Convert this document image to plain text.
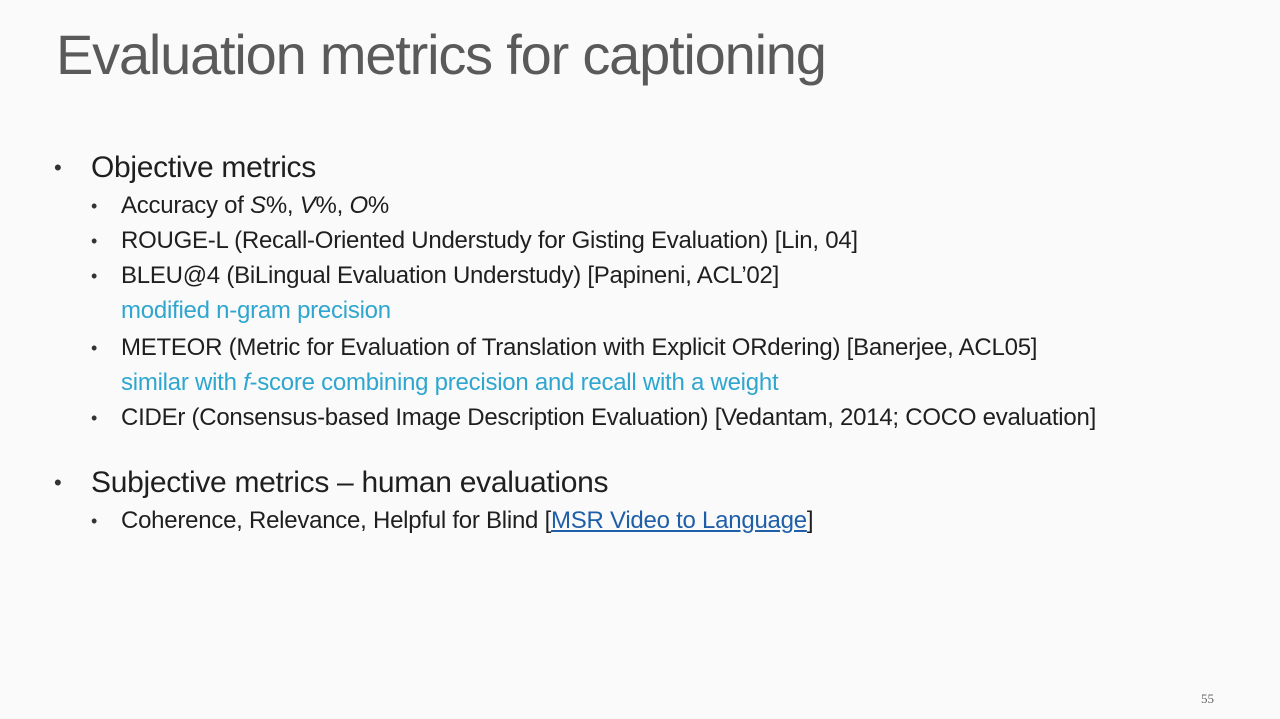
Evaluation metrics for captioning
• Objective metrics
• Accuracy of S%, V%, O%
• ROUGE-L (Recall-Oriented Understudy for Gisting Evaluation) [Lin, 04]
• BLEU@4 (BiLingual Evaluation Understudy) [Papineni, ACL’02]
modified n-gram precision
• METEOR (Metric for Evaluation of Translation with Explicit ORdering) [Banerjee, ACL05]
similar with f-score combining precision and recall with a weight
• CIDEr (Consensus-based Image Description Evaluation) [Vedantam, 2014; COCO evaluation]
• Subjective metrics – human evaluations
• Coherence, Relevance, Helpful for Blind [MSR Video to Language]
55
